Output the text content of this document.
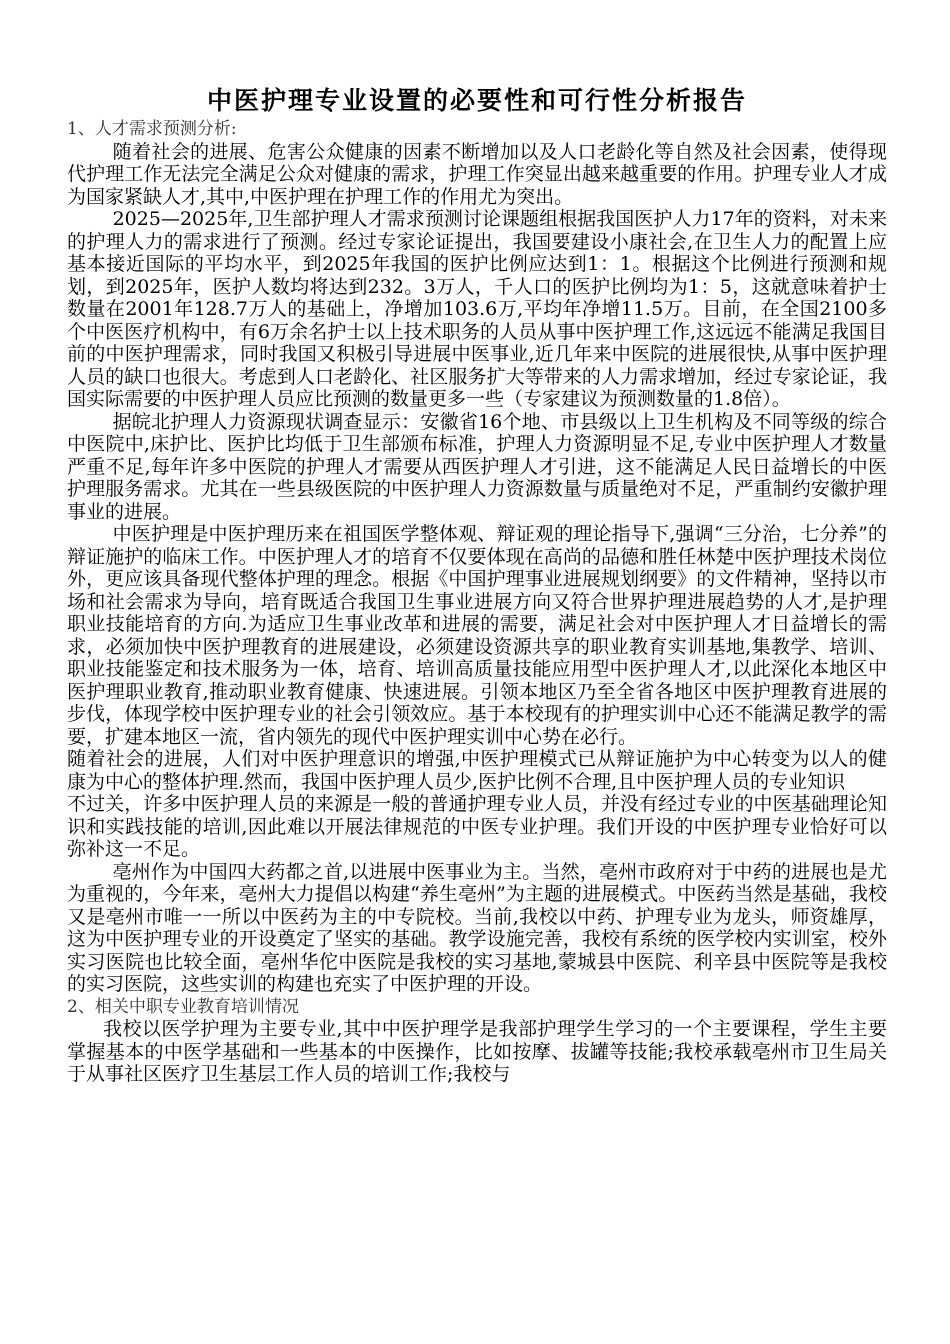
中医护理专业设置的必要性和可行性分析报告

1、人才需求预测分析:

随着社会的进展、危害公众健康的因素不断增加以及人口老龄化等自然及社会因素，使得现代护理工作无法完全满足公众对健康的需求，护理工作突显出越来越重要的作用。护理专业人才成为国家紧缺人才,其中,中医护理在护理工作的作用尤为突出。

2025—2025年,卫生部护理人才需求预测讨论课题组根据我国医护人力17年的资料，对未来的护理人力的需求进行了预测。经过专家论证提出，我国要建设小康社会,在卫生人力的配置上应基本接近国际的平均水平，到2025年我国的医护比例应达到1：1。根据这个比例进行预测和规划，到2025年，医护人数均将达到232。3万人，千人口的医护比例均为1：5，这就意味着护士数量在2001年128.7万人的基础上，净增加103.6万,平均年净增11.5万。目前，在全国2100多个中医医疗机构中，有6万余名护士以上技术职务的人员从事中医护理工作,这远远不能满足我国目前的中医护理需求，同时我国又积极引导进展中医事业,近几年来中医院的进展很快,从事中医护理人员的缺口也很大。考虑到人口老龄化、社区服务扩大等带来的人力需求增加，经过专家论证，我国实际需要的中医护理人员应比预测的数量更多一些（专家建议为预测数量的1.8倍）。

据皖北护理人力资源现状调查显示：安徽省16个地、市县级以上卫生机构及不同等级的综合中医院中,床护比、医护比均低于卫生部颁布标准，护理人力资源明显不足,专业中医护理人才数量严重不足,每年许多中医院的护理人才需要从西医护理人才引进，这不能满足人民日益增长的中医护理服务需求。尤其在一些县级医院的中医护理人力资源数量与质量绝对不足，严重制约安徽护理事业的进展。

中医护理是中医护理历来在祖国医学整体观、辩证观的理论指导下,强调“三分治，七分养”的辩证施护的临床工作。中医护理人才的培育不仅要体现在高尚的品德和胜任林楚中医护理技术岗位外，更应该具备现代整体护理的理念。根据《中国护理事业进展规划纲要》的文件精神，坚持以市场和社会需求为导向，培育既适合我国卫生事业进展方向又符合世界护理进展趋势的人才,是护理职业技能培育的方向.为适应卫生事业改革和进展的需要，满足社会对中医护理人才日益增长的需求，必须加快中医护理教育的进展建设，必须建设资源共享的职业教育实训基地,集教学、培训、职业技能鉴定和技术服务为一体，培育、培训高质量技能应用型中医护理人才,以此深化本地区中医护理职业教育,推动职业教育健康、快速进展。引领本地区乃至全省各地区中医护理教育进展的步伐，体现学校中医护理专业的社会引领效应。基于本校现有的护理实训中心还不能满足教学的需要，扩建本地区一流，省内领先的现代中医护理实训中心势在必行。

随着社会的进展，人们对中医护理意识的增强,中医护理模式已从辩证施护为中心转变为以人的健康为中心的整体护理.然而，我国中医护理人员少,医护比例不合理,且中医护理人员的专业知识

不过关，许多中医护理人员的来源是一般的普通护理专业人员，并没有经过专业的中医基础理论知识和实践技能的培训,因此难以开展法律规范的中医专业护理。我们开设的中医护理专业恰好可以弥补这一不足。

亳州作为中国四大药都之首,以进展中医事业为主。当然，亳州市政府对于中药的进展也是尤为重视的，今年来，亳州大力提倡以构建“养生亳州”为主题的进展模式。中医药当然是基础，我校又是亳州市唯一一所以中医药为主的中专院校。当前,我校以中药、护理专业为龙头，师资雄厚，这为中医护理专业的开设奠定了坚实的基础。教学设施完善，我校有系统的医学校内实训室，校外实习医院也比较全面，亳州华佗中医院是我校的实习基地,蒙城县中医院、利辛县中医院等是我校的实习医院，这些实训的构建也充实了中医护理的开设。

2、相关中职专业教育培训情况

我校以医学护理为主要专业,其中中医护理学是我部护理学生学习的一个主要课程，学生主要掌握基本的中医学基础和一些基本的中医操作，比如按摩、拔罐等技能;我校承载亳州市卫生局关于从事社区医疗卫生基层工作人员的培训工作;我校与
